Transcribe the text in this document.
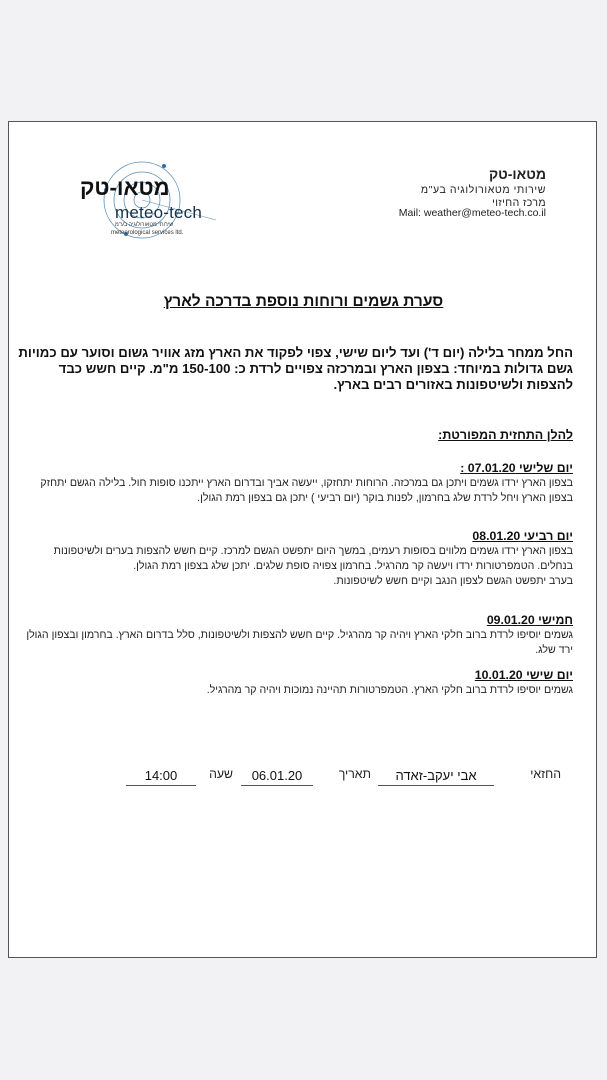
מטאו-טק
meteo-tech
שירותי מטאורולוגיה בע"מ
meteorological services ltd.
מטאו-טק
שירותי מטאורולוגיה בע"מ
מרכז החיזוי
Mail: weather@meteo-tech.co.il
סערת גשמים ורוחות נוספת בדרכה לארץ
החל ממחר בלילה (יום ד') ועד ליום שישי, צפוי לפקוד את הארץ מזג אוויר גשום וסוער עם כמויות גשם גדולות במיוחד: בצפון הארץ ובמרכזה צפויים לרדת כ: 150-100 מ"מ. קיים חשש כבד להצפות ולשיטפונות באזורים רבים בארץ.
להלן התחזית המפורטת:
יום שלישי 07.01.20 :
בצפון הארץ ירדו גשמים ויתכן גם במרכזה. הרוחות יתחזקו, ייעשה אביך ובדרום הארץ ייתכנו סופות חול. בלילה הגשם יתחזק בצפון הארץ ויחל לרדת שלג בחרמון, לפנות בוקר (יום רביעי ) יתכן גם בצפון רמת הגולן.
יום רביעי 08.01.20
בצפון הארץ ירדו גשמים מלווים בסופות רעמים, במשך היום יתפשט הגשם למרכז. קיים חשש להצפות בערים ולשיטפונות בנחלים. הטמפרטורות ירדו ויעשה קר מהרגיל. בחרמון צפויה סופת שלגים. יתכן שלג בצפון רמת הגולן.
בערב יתפשט הגשם לצפון הנגב וקיים חשש לשיטפונות.
חמישי 09.01.20
גשמים יוסיפו לרדת ברוב חלקי הארץ ויהיה קר מהרגיל. קיים חשש להצפות ולשיטפונות, סלל בדרום הארץ. בחרמון ובצפון הגולן ירד שלג.
יום שישי 10.01.20
גשמים יוסיפו לרדת ברוב חלקי הארץ. הטמפרטורות תהיינה נמוכות ויהיה קר מהרגיל.
החזאי
אבי יעקב-זאדה
תאריך
06.01.20
שעה
14:00
